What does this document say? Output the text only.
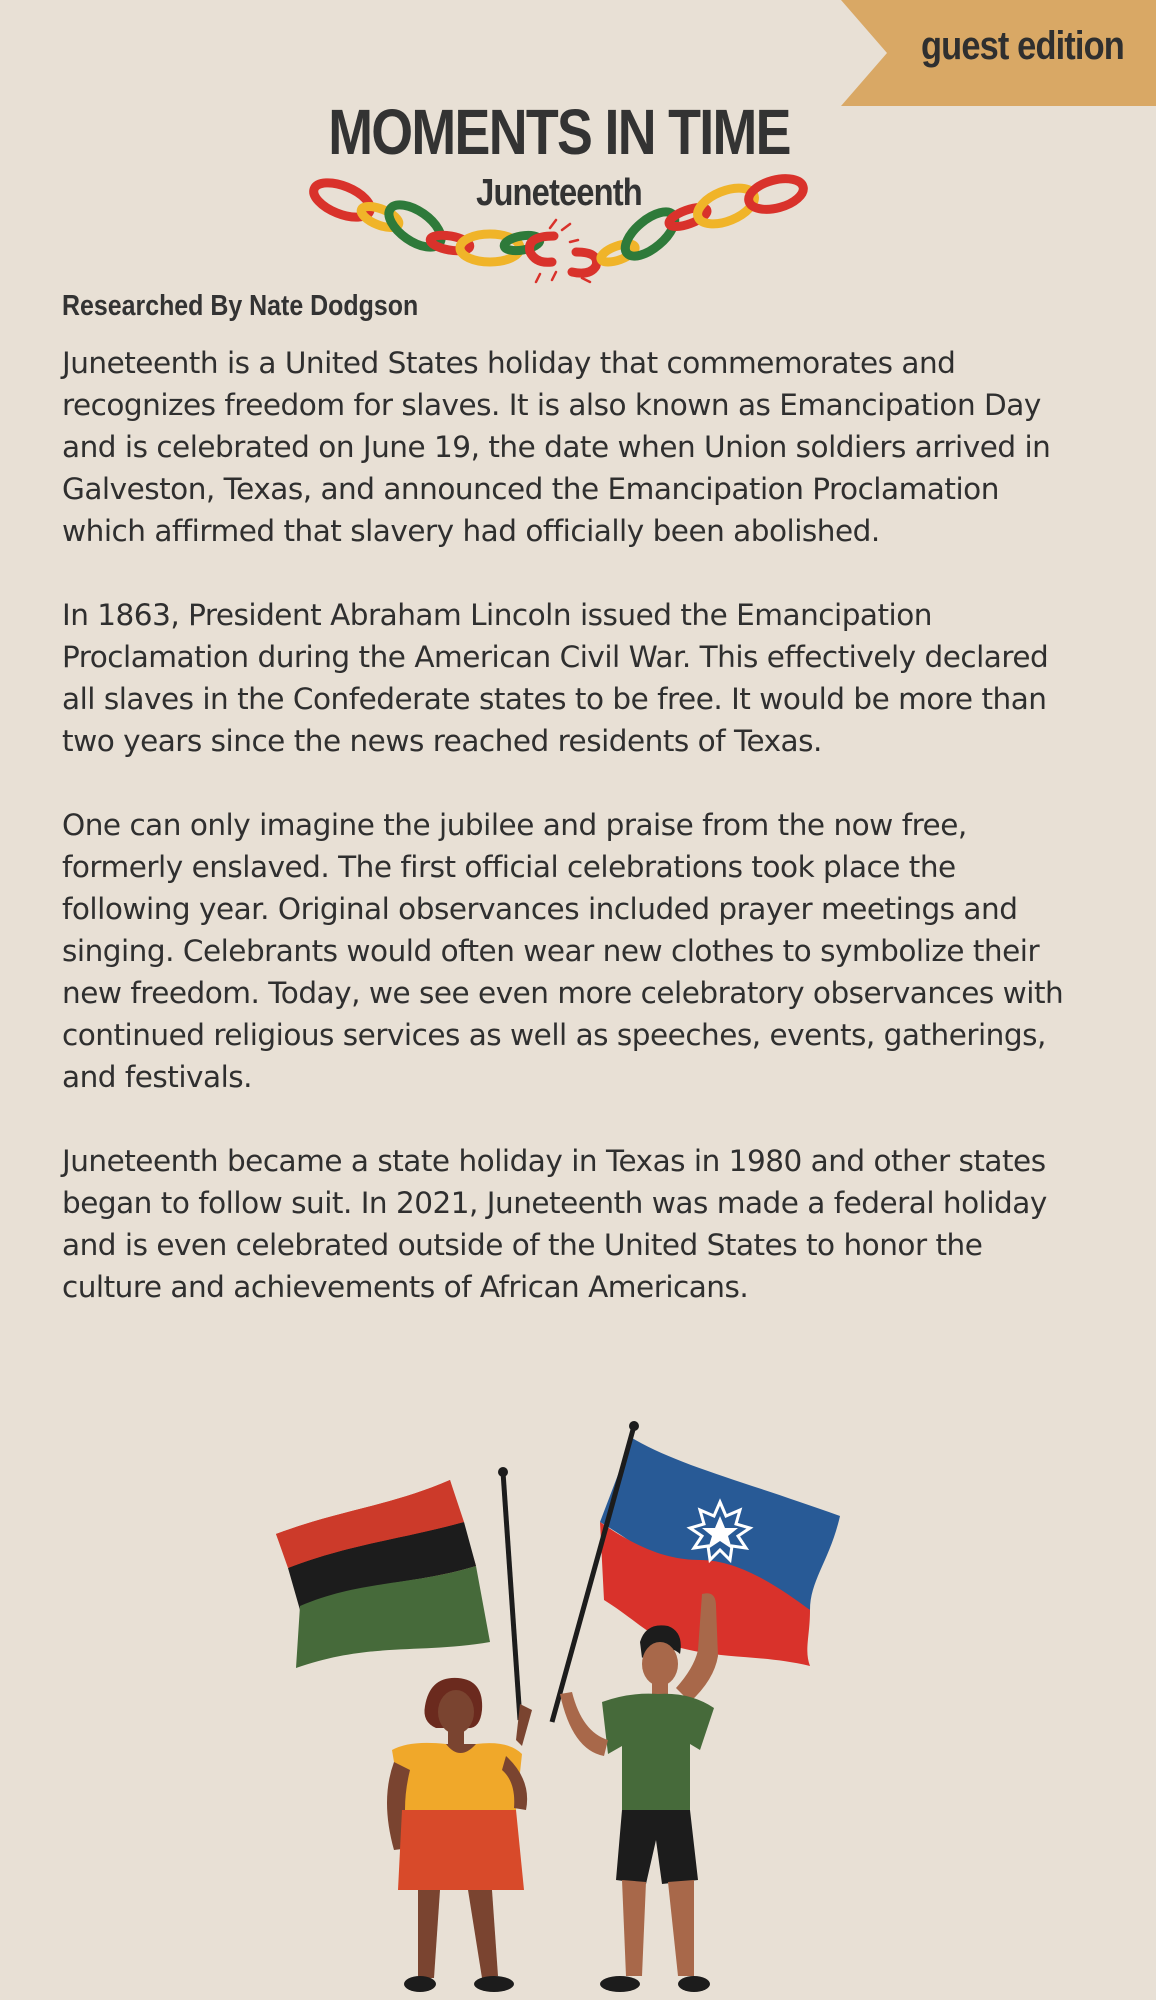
guest edition
MOMENTS IN TIME
Juneteenth
Researched By Nate Dodgson

Juneteenth is a United States holiday that commemorates and recognizes freedom for slaves. It is also known as Emancipation Day and is celebrated on June 19, the date when Union soldiers arrived in Galveston, Texas, and announced the Emancipation Proclamation which affirmed that slavery had officially been abolished.

In 1863, President Abraham Lincoln issued the Emancipation Proclamation during the American Civil War. This effectively declared all slaves in the Confederate states to be free. It would be more than two years since the news reached residents of Texas.

One can only imagine the jubilee and praise from the now free, formerly enslaved. The first official celebrations took place the following year. Original observances included prayer meetings and singing. Celebrants would often wear new clothes to symbolize their new freedom. Today, we see even more celebratory observances with continued religious services as well as speeches, events, gatherings, and festivals.

Juneteenth became a state holiday in Texas in 1980 and other states began to follow suit. In 2021, Juneteenth was made a federal holiday and is even celebrated outside of the United States to honor the culture and achievements of African Americans.
